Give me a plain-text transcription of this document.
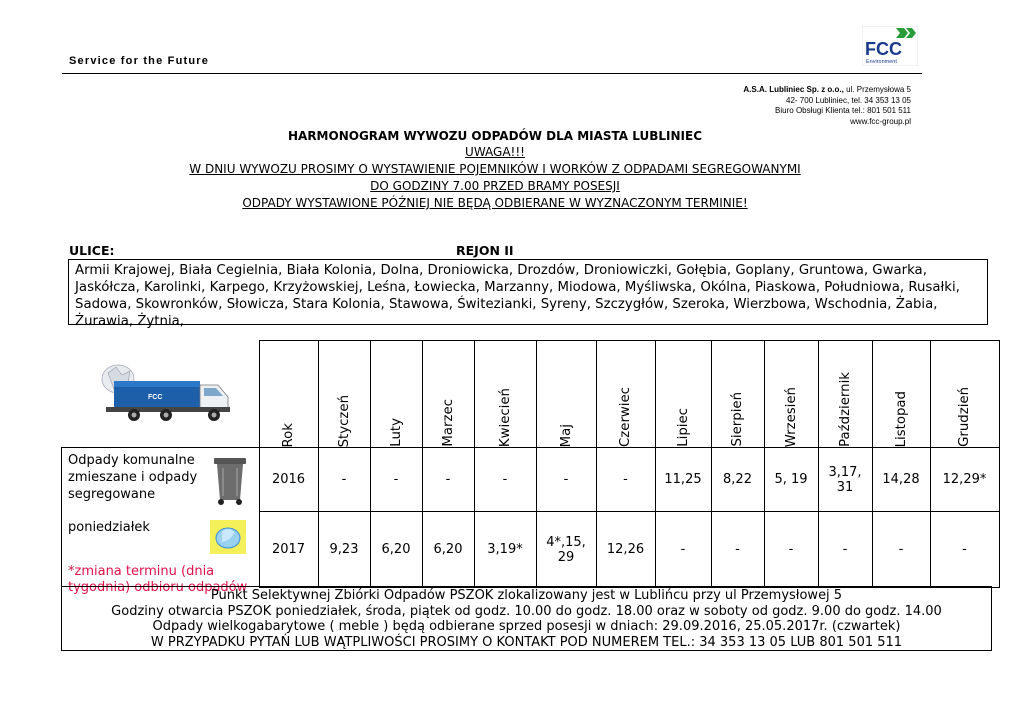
Service for the Future
FCC
Environment
A.S.A. Lubliniec Sp. z o.o., ul. Przemysłowa 5
42- 700 Lubliniec, tel. 34 353 13 05
Biuro Obsługi Klienta tel.: 801 501 511
www.fcc-group.pl
HARMONOGRAM WYWOZU ODPADÓW DLA MIASTA LUBLINIEC
UWAGA!!!
W DNIU WYWOZU PROSIMY O WYSTAWIENIE POJEMNIKÓW I WORKÓW Z ODPADAMI SEGREGOWANYMI
DO GODZINY 7.00 PRZED BRAMY POSESJI
ODPADY WYSTAWIONE PÓŹNIEJ NIE BĘDĄ ODBIERANE W WYZNACZONYM TERMINIE!
ULICE:	REJON II
Armii Krajowej, Biała Cegielnia, Biała Kolonia, Dolna, Droniowicka, Drozdów, Droniowiczki, Gołębia, Goplany, Gruntowa, Gwarka, Jaskółcza, Karolinki, Karpego, Krzyżowskiej, Leśna, Łowiecka, Marzanny, Miodowa, Myśliwska, Okólna, Piaskowa, Południowa, Rusałki, Sadowa, Skowronków, Słowicza, Stara Kolonia, Stawowa, Świtezianki, Syreny, Szczygłów, Szeroka, Wierzbowa, Wschodnia, Żabia, Żurawia, Żytnia,
FCC	Rok	Styczeń	Luty	Marzec	Kwiecień	Maj	Czerwiec	Lipiec	Sierpień	Wrzesień	Październik	Listopad	Grudzień

Odpady komunalne zmieszane i odpady segregowane
poniedziałek
*zmiana terminu (dnia tygodnia) odbioru odpadów	2016	-	-	-	-	-	-	11,25	8,22	5, 19	3,17, 31	14,28	12,29*
	2017	9,23	6,20	6,20	3,19*	4*,15, 29	12,26	-	-	-	-	-	-
Punkt Selektywnej Zbiórki Odpadów PSZOK zlokalizowany jest w Lublińcu przy ul Przemysłowej 5
Godziny otwarcia PSZOK poniedziałek, środa, piątek od godz. 10.00 do godz. 18.00 oraz w soboty od godz. 9.00 do godz. 14.00
Odpady wielkogabarytowe ( meble ) będą odbierane sprzed posesji w dniach: 29.09.2016, 25.05.2017r. (czwartek)
W PRZYPADKU PYTAŃ LUB WĄTPLIWOŚCI PROSIMY O KONTAKT POD NUMEREM TEL.: 34 353 13 05 LUB 801 501 511
